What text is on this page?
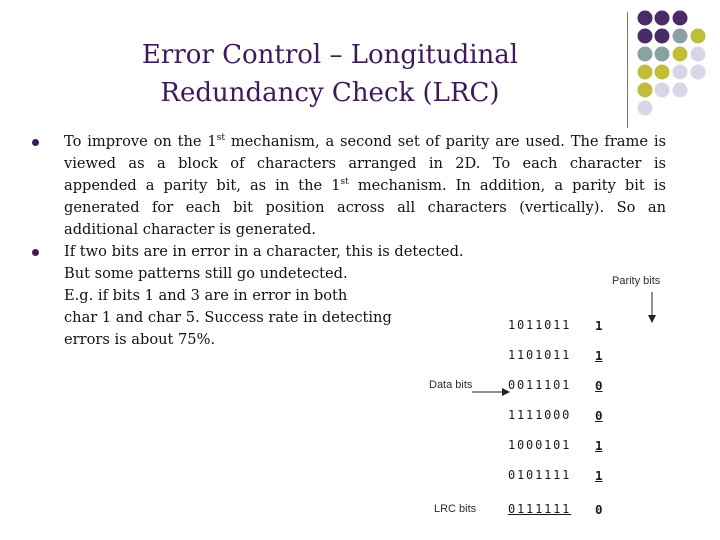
Error Control – Longitudinal
Redundancy Check (LRC)
To improve on the 1st mechanism, a second set of parity are used. The frame is
viewed as a block of characters arranged in 2D. To each character is
appended a parity bit, as in the 1st mechanism. In addition, a parity bit is
generated for each bit position across all characters (vertically). So an
additional character is generated.
If two bits are in error in a character, this is detected.
But some patterns still go undetected.
E.g. if bits 1 and 3 are in error in both
char 1 and char 5. Success rate in detecting
errors is about 75%.
Parity bits
1011011 1
1101011 1
Data bits	0011101 0
1111000 0
1000101 1
0101111 1
LRC bits	0111111 0
